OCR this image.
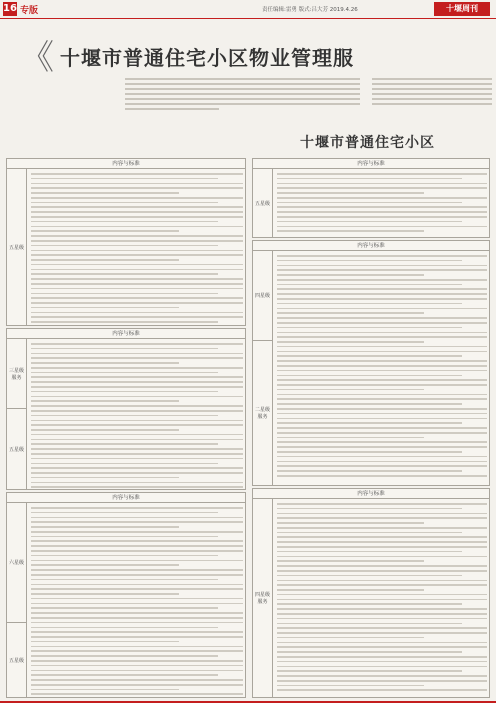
16 专版	责任编辑:雷勇 版式:吕大芳 2019.4.26	十堰周刊
《 十堰市普通住宅小区物业管理服
十堰市普通住宅小区
内容与标准
五星级
内容与标准
三星级服务
五星级
内容与标准
六星级
五星级
内容与标准
五星级
内容与标准
四星级
二星级服务
内容与标准
四星级服务
